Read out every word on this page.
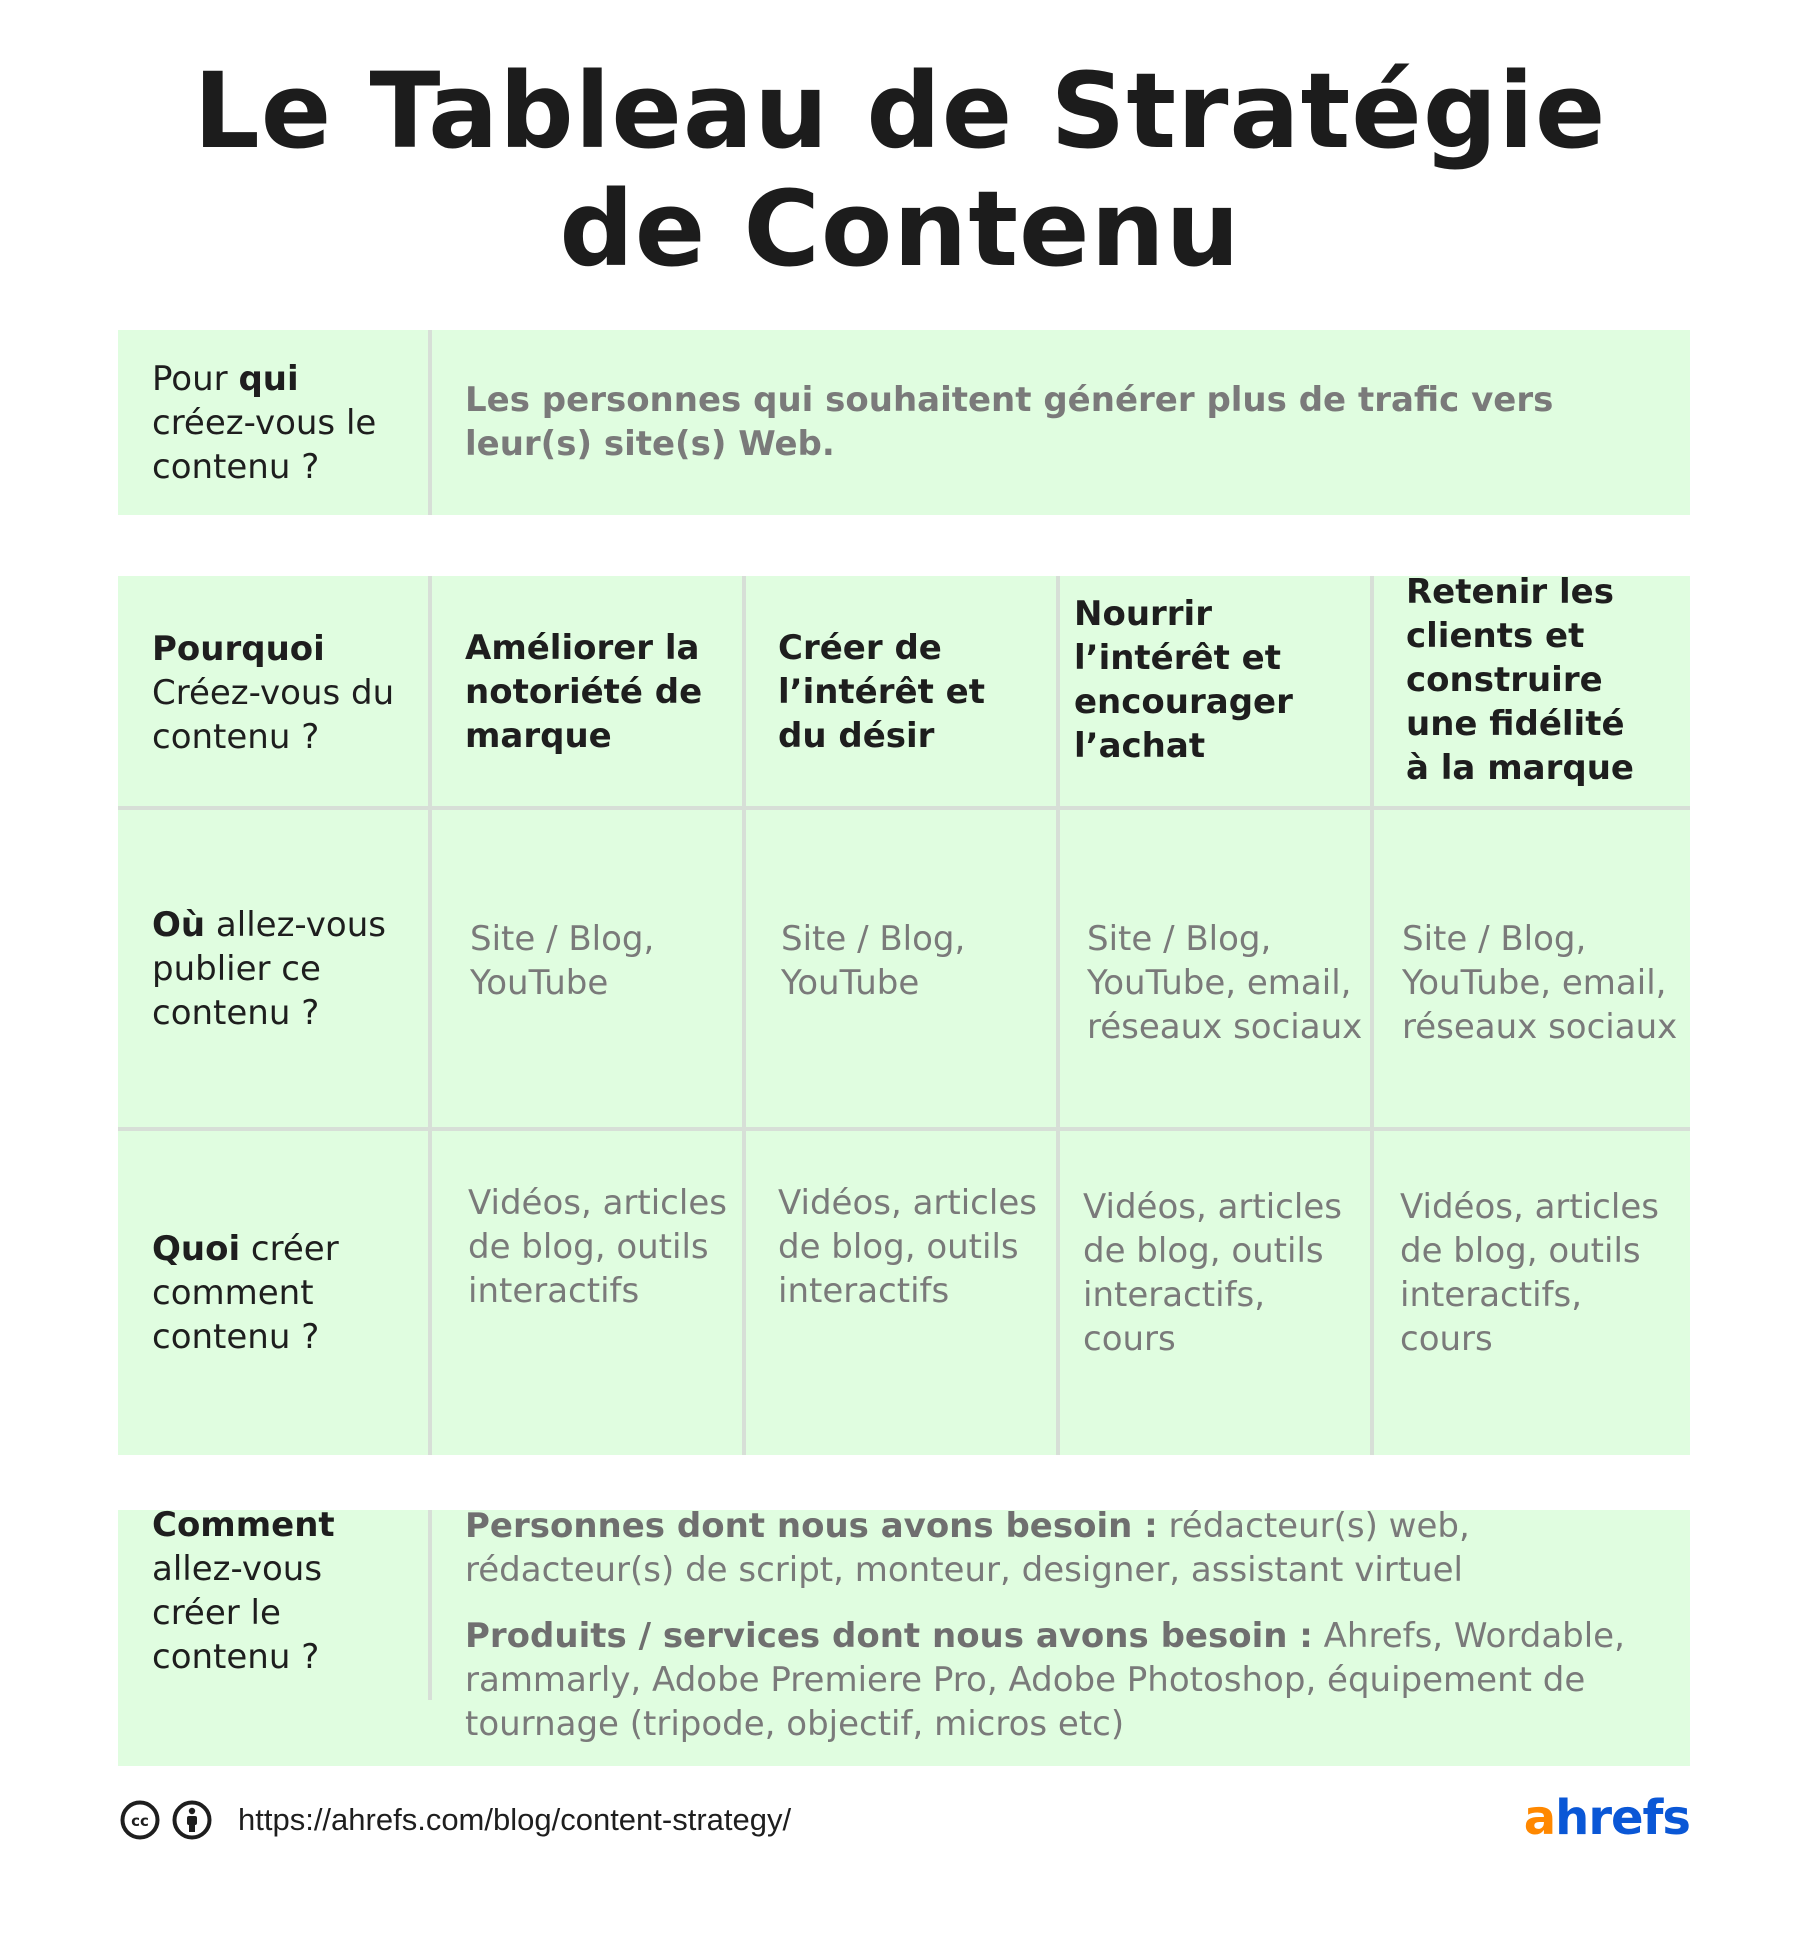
Le Tableau de Stratégie
de Contenu
Pour qui
créez-vous le contenu ?
Les personnes qui souhaitent générer plus de trafic vers leur(s) site(s) Web.
Pourquoi
Créez-vous du contenu ?
Améliorer la
notoriété de
marque
Créer de
l’intérêt et
du désir
Nourrir
l’intérêt et
encourager
l’achat
Retenir les
clients et
construire
une fidélité
à la marque
Où allez-vous publier ce contenu ?
Site / Blog,
YouTube
Site / Blog,
YouTube
Site / Blog,
YouTube, email,
réseaux sociaux
Site / Blog,
YouTube, email,
réseaux sociaux
Quoi créer comment contenu ?
Vidéos, articles
de blog, outils
interactifs
Vidéos, articles
de blog, outils
interactifs
Vidéos, articles
de blog, outils
interactifs,
cours
Vidéos, articles
de blog, outils
interactifs,
cours
Comment
allez-vous créer le contenu ?
Personnes dont nous avons besoin : rédacteur(s) web, rédacteur(s) de script, monteur, designer, assistant virtuel
Produits / services dont nous avons besoin : Ahrefs, Wordable, rammarly, Adobe Premiere Pro, Adobe Photoshop, équipement de tournage (tripode, objectif, micros etc)
cc	https://ahrefs.com/blog/content-strategy/	ahrefs
